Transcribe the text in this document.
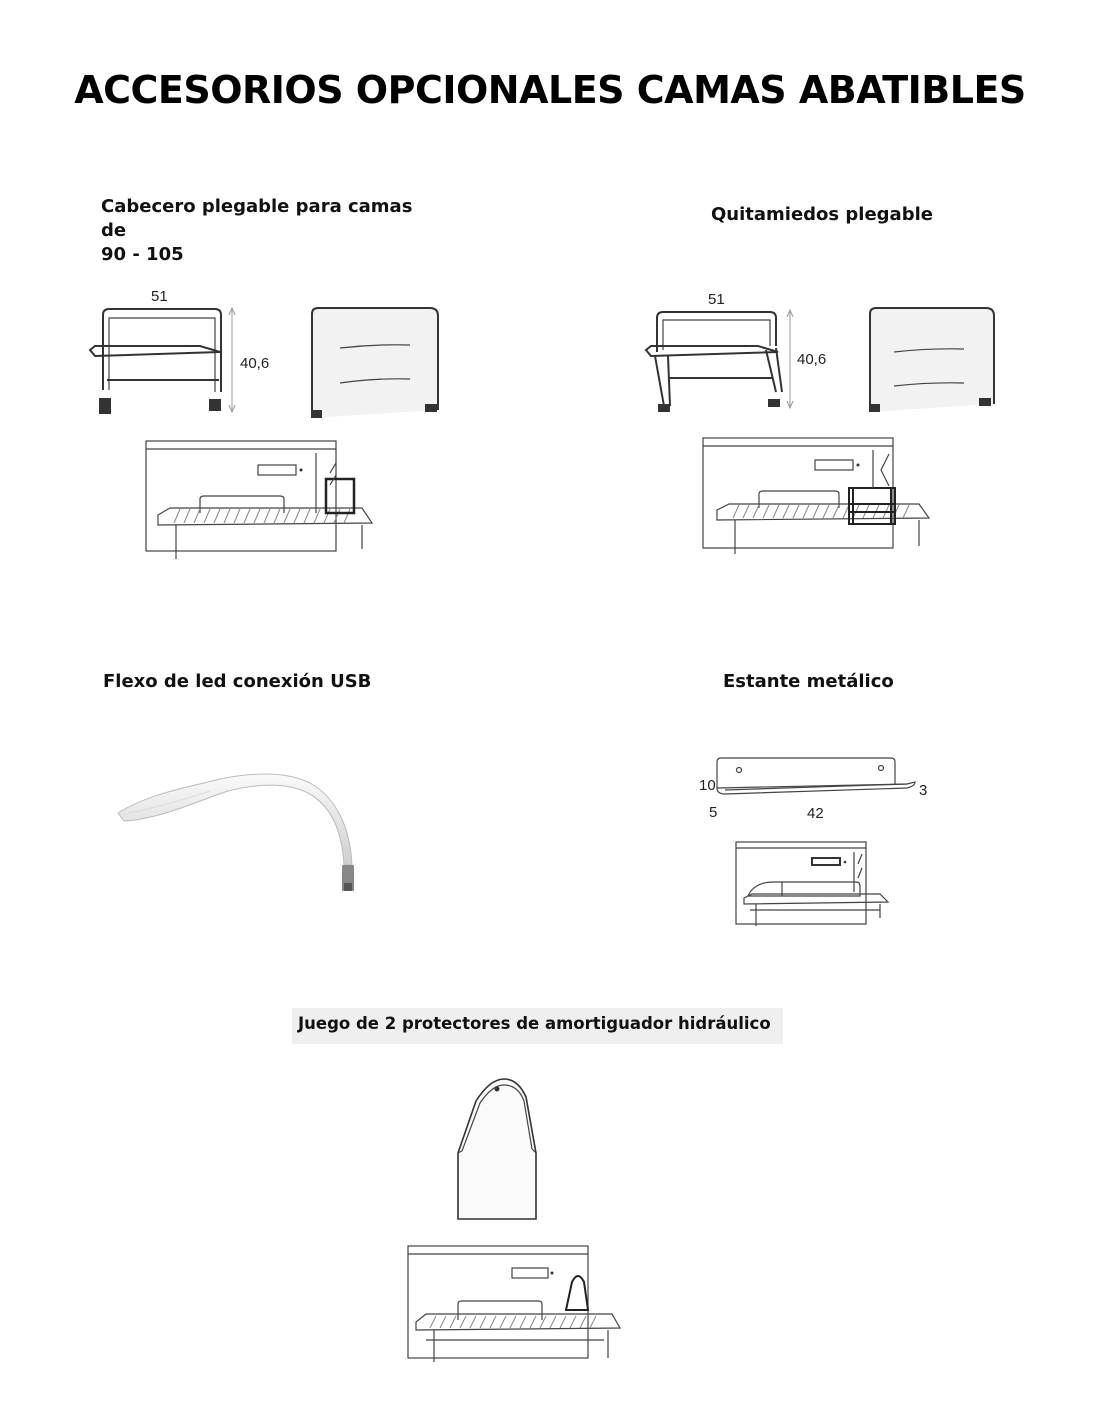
ACCESORIOS OPCIONALES CAMAS ABATIBLES
Cabecero plegable para camas de
90 - 105
51
40,6
Quitamiedos plegable
51
40,6
Flexo de led conexión USB	Estante metálico
10
5	42
3
Juego de 2 protectores de amortiguador hidráulico
